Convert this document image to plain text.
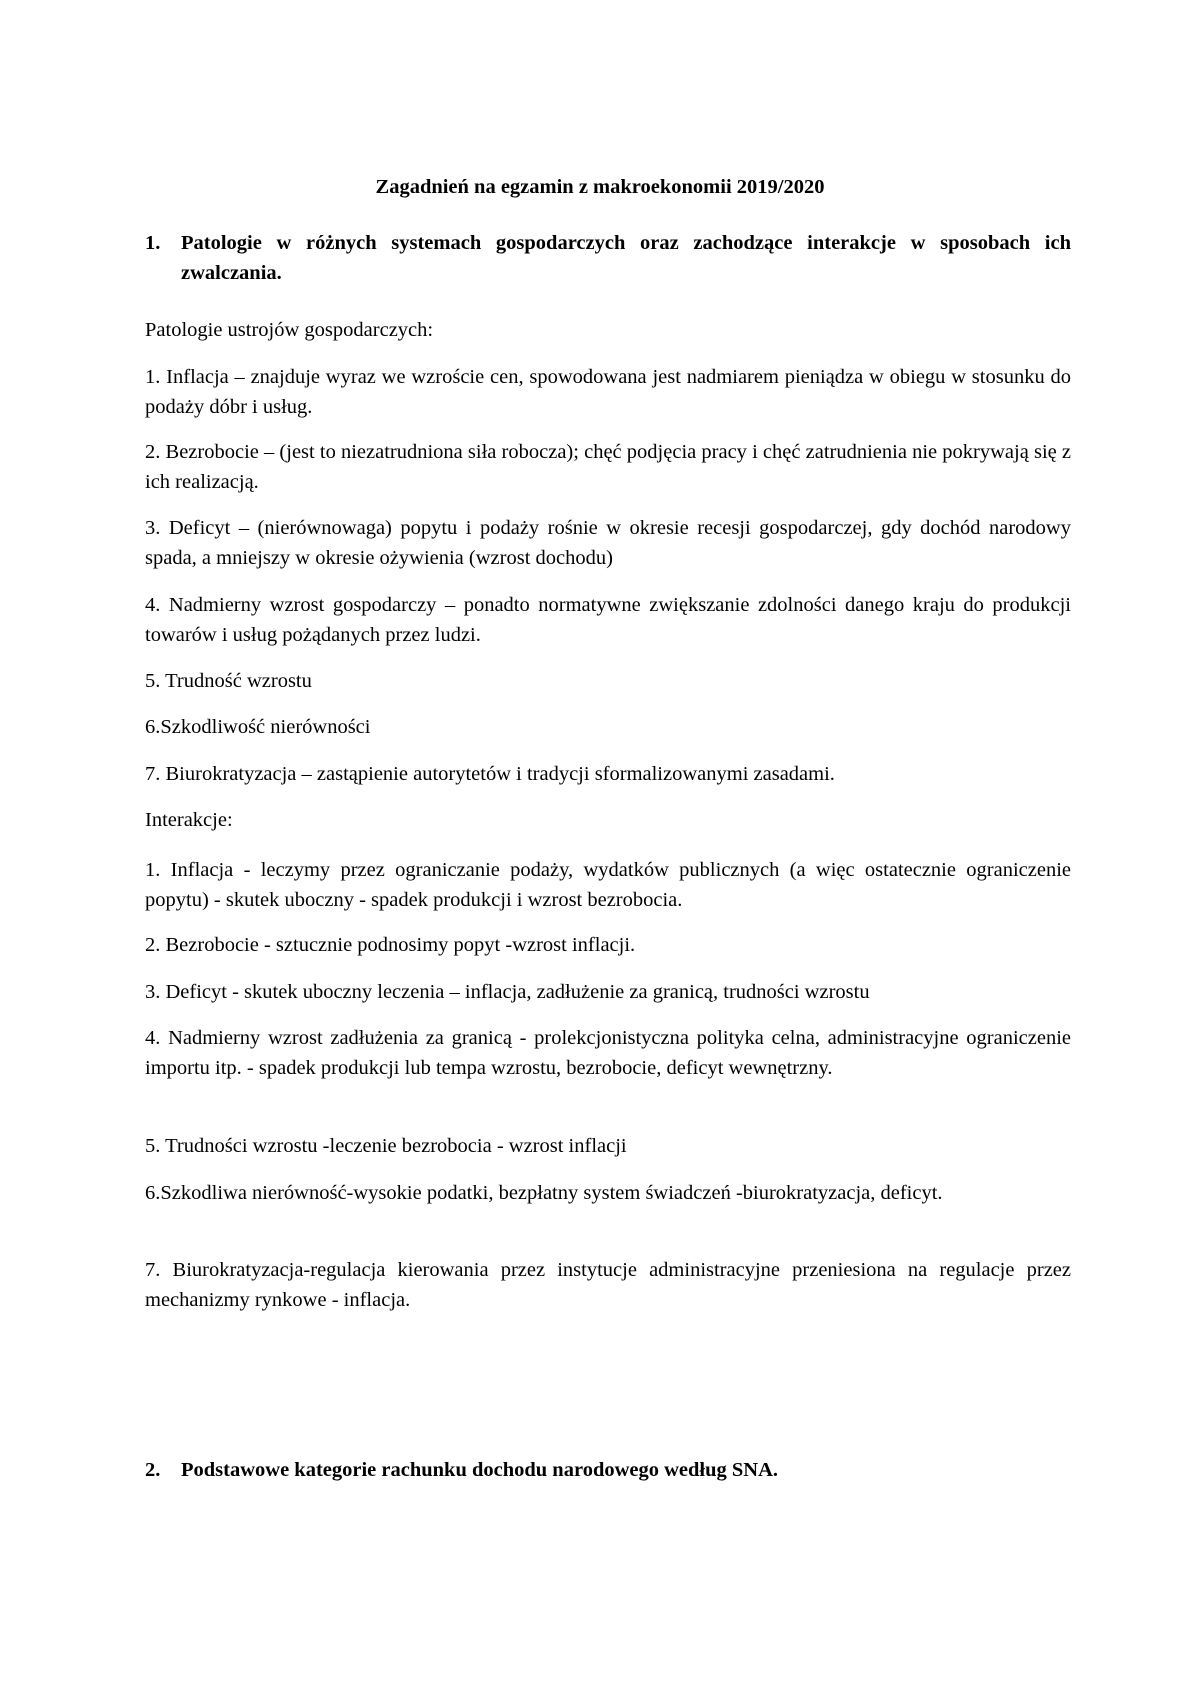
Zagadnień na egzamin z makroekonomii 2019/2020
1. Patologie w różnych systemach gospodarczych oraz zachodzące interakcje w sposobach ich zwalczania.
Patologie ustrojów gospodarczych:
1. Inflacja – znajduje wyraz we wzroście cen, spowodowana jest nadmiarem pieniądza w obiegu w stosunku do podaży dóbr i usług.
2. Bezrobocie – (jest to niezatrudniona siła robocza); chęć podjęcia pracy i chęć zatrudnienia nie pokrywają się z ich realizacją.
3. Deficyt – (nierównowaga) popytu i podaży rośnie w okresie recesji gospodarczej, gdy dochód narodowy spada, a mniejszy w okresie ożywienia (wzrost dochodu)
4. Nadmierny wzrost gospodarczy – ponadto normatywne zwiększanie zdolności danego kraju do produkcji towarów i usług pożądanych przez ludzi.
5. Trudność wzrostu
6.Szkodliwość nierówności
7. Biurokratyzacja – zastąpienie autorytetów i tradycji sformalizowanymi zasadami.
Interakcje:
1. Inflacja - leczymy przez ograniczanie podaży, wydatków publicznych (a więc ostatecznie ograniczenie popytu) - skutek uboczny - spadek produkcji i wzrost bezrobocia.
2. Bezrobocie - sztucznie podnosimy popyt -wzrost inflacji.
3. Deficyt - skutek uboczny leczenia – inflacja, zadłużenie za granicą, trudności wzrostu
4. Nadmierny wzrost zadłużenia za granicą - prolekcjonistyczna polityka celna, administracyjne ograniczenie importu itp. - spadek produkcji lub tempa wzrostu, bezrobocie, deficyt wewnętrzny.
5. Trudności wzrostu -leczenie bezrobocia - wzrost inflacji
6.Szkodliwa nierówność-wysokie podatki, bezpłatny system świadczeń -biurokratyzacja, deficyt.
7. Biurokratyzacja-regulacja kierowania przez instytucje administracyjne przeniesiona na regulacje przez mechanizmy rynkowe - inflacja.
2. Podstawowe kategorie rachunku dochodu narodowego według SNA.
